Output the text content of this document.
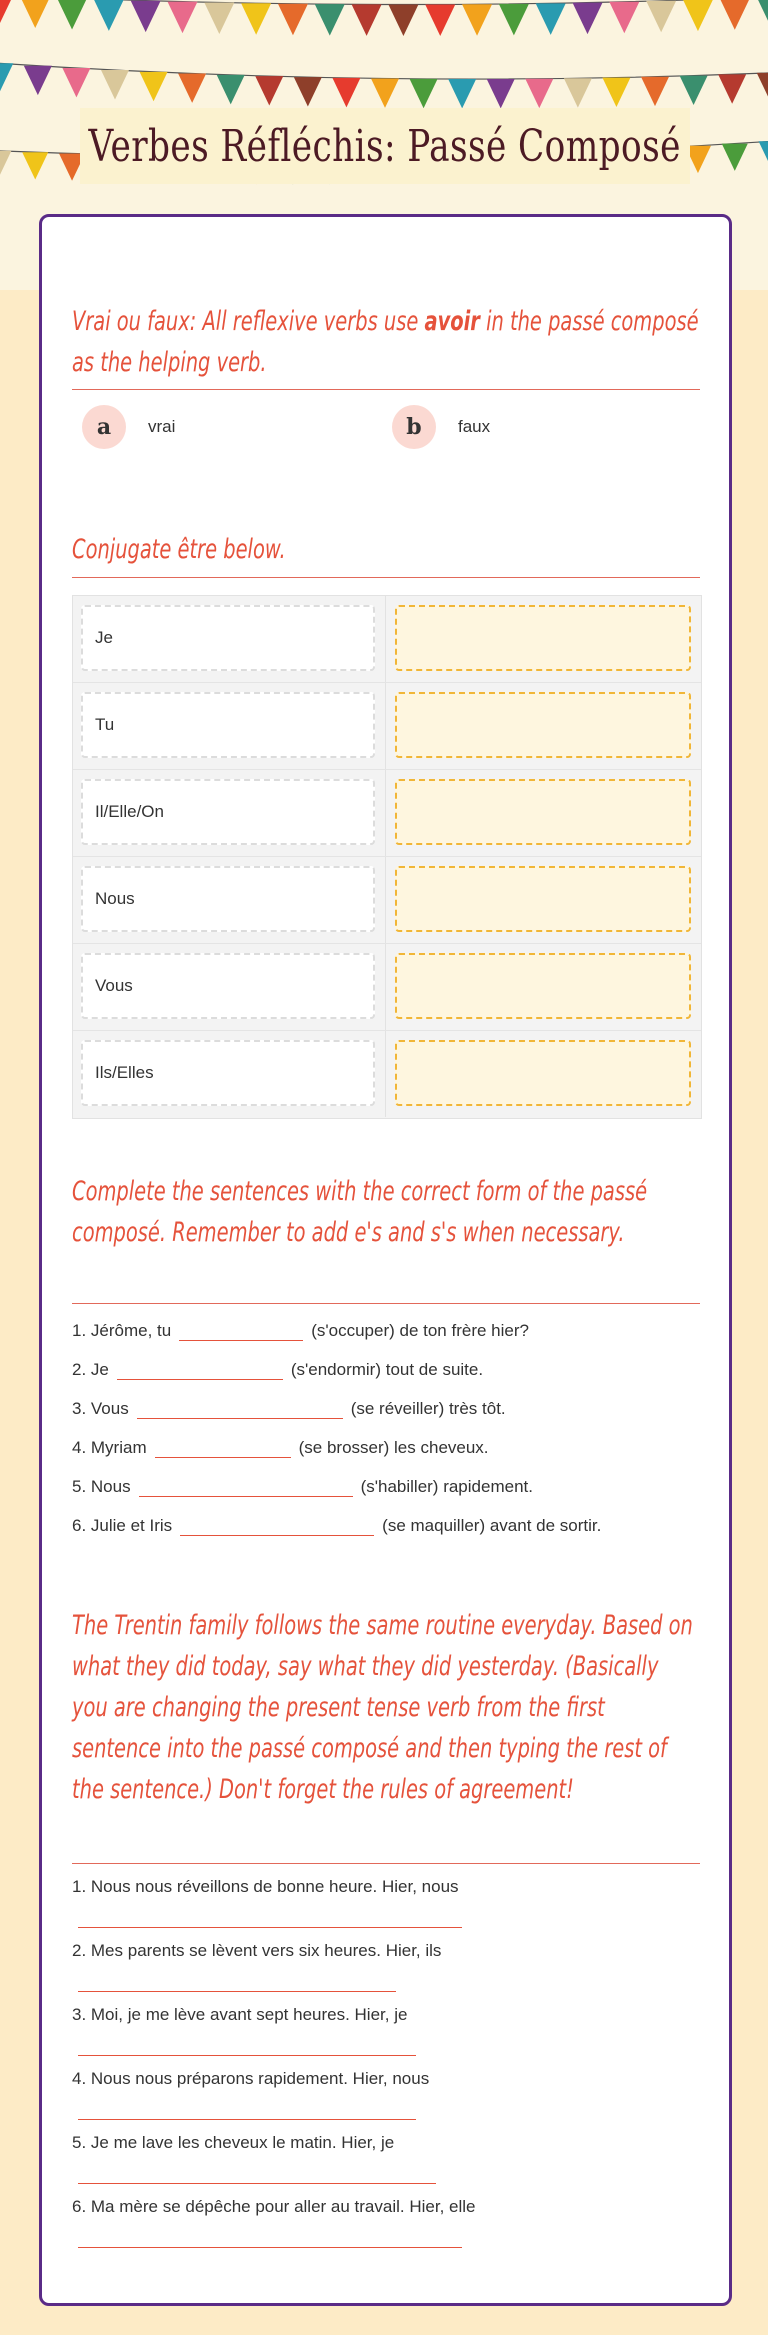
Verbes Réfléchis: Passé Composé
Vrai ou faux: All reflexive verbs use avoir in the passé composé as the helping verb.
a	vrai	b	faux
Conjugate être below.
Je
Tu
Il/Elle/On
Nous
Vous
Ils/Elles
Complete the sentences with the correct form of the passé composé. Remember to add e's and s's when necessary.
1. Jérôme, tu	(s'occuper) de ton frère hier?
2. Je	(s'endormir) tout de suite.
3. Vous	(se réveiller) très tôt.
4. Myriam	(se brosser) les cheveux.
5. Nous	(s'habiller) rapidement.
6. Julie et Iris	(se maquiller) avant de sortir.
The Trentin family follows the same routine everyday. Based on what they did today, say what they did yesterday. (Basically you are changing the present tense verb from the first sentence into the passé composé and then typing the rest of the sentence.) Don't forget the rules of agreement!
1. Nous nous réveillons de bonne heure. Hier, nous
2. Mes parents se lèvent vers six heures. Hier, ils
3. Moi, je me lève avant sept heures. Hier, je
4. Nous nous préparons rapidement. Hier, nous
5. Je me lave les cheveux le matin. Hier, je
6. Ma mère se dépêche pour aller au travail. Hier, elle
